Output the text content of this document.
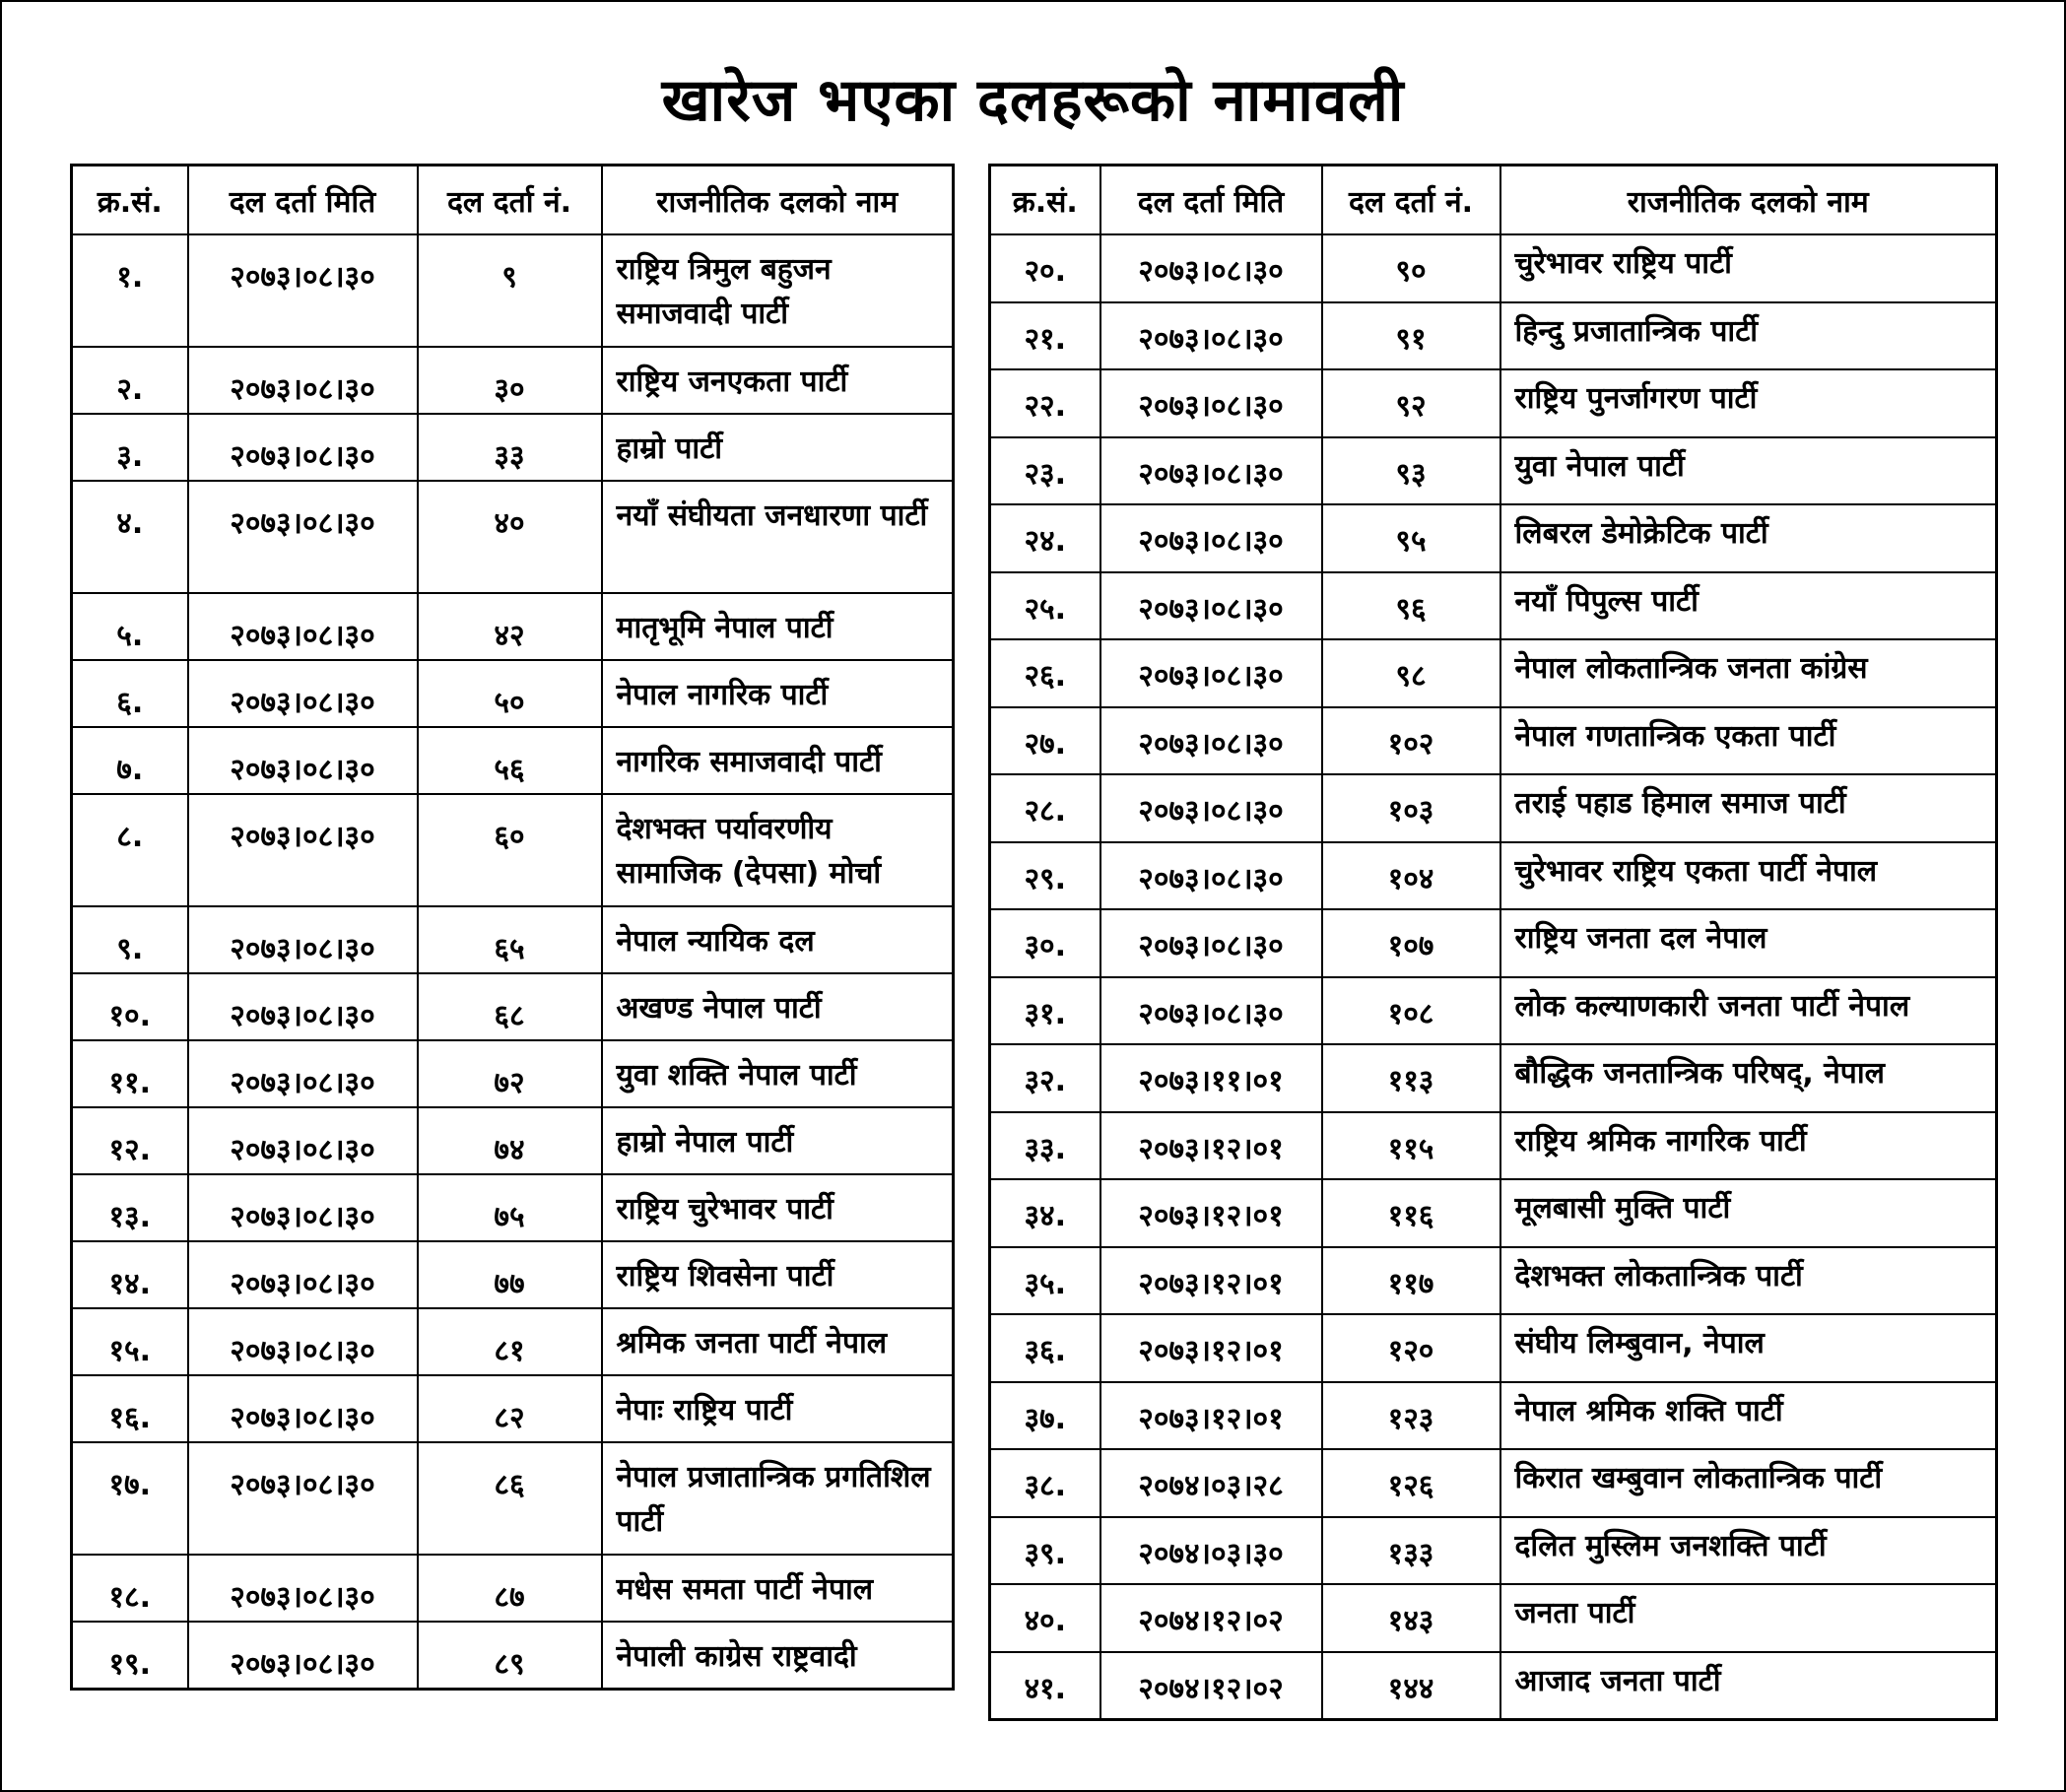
खारेज भएका दलहरूको नामावली
क्र.सं.	दल दर्ता मिति	दल दर्ता नं.	राजनीतिक दलको नाम
१.	२०७३।०८।३०	९	राष्ट्रिय त्रिमुल बहुजन समाजवादी पार्टी
२.	२०७३।०८।३०	३०	राष्ट्रिय जनएकता पार्टी
३.	२०७३।०८।३०	३३	हाम्रो पार्टी
४.	२०७३।०८।३०	४०	नयाँ संघीयता जनधारणा पार्टी
५.	२०७३।०८।३०	४२	मातृभूमि नेपाल पार्टी
६.	२०७३।०८।३०	५०	नेपाल नागरिक पार्टी
७.	२०७३।०८।३०	५६	नागरिक समाजवादी पार्टी
८.	२०७३।०८।३०	६०	देशभक्त पर्यावरणीय सामाजिक (देपसा) मोर्चा
९.	२०७३।०८।३०	६५	नेपाल न्यायिक दल
१०.	२०७३।०८।३०	६८	अखण्ड नेपाल पार्टी
११.	२०७३।०८।३०	७२	युवा शक्ति नेपाल पार्टी
१२.	२०७३।०८।३०	७४	हाम्रो नेपाल पार्टी
१३.	२०७३।०८।३०	७५	राष्ट्रिय चुरेभावर पार्टी
१४.	२०७३।०८।३०	७७	राष्ट्रिय शिवसेना पार्टी
१५.	२०७३।०८।३०	८१	श्रमिक जनता पार्टी नेपाल
१६.	२०७३।०८।३०	८२	नेपाः राष्ट्रिय पार्टी
१७.	२०७३।०८।३०	८६	नेपाल प्रजातान्त्रिक प्रगतिशिल पार्टी
१८.	२०७३।०८।३०	८७	मधेस समता पार्टी नेपाल
१९.	२०७३।०८।३०	८९	नेपाली काग्रेस राष्ट्रवादी
क्र.सं.	दल दर्ता मिति	दल दर्ता नं.	राजनीतिक दलको नाम
२०.	२०७३।०८।३०	९०	चुरेभावर राष्ट्रिय पार्टी
२१.	२०७३।०८।३०	९१	हिन्दु प्रजातान्त्रिक पार्टी
२२.	२०७३।०८।३०	९२	राष्ट्रिय पुनर्जागरण पार्टी
२३.	२०७३।०८।३०	९३	युवा नेपाल पार्टी
२४.	२०७३।०८।३०	९५	लिबरल डेमोक्रेटिक पार्टी
२५.	२०७३।०८।३०	९६	नयाँ पिपुल्स पार्टी
२६.	२०७३।०८।३०	९८	नेपाल लोकतान्त्रिक जनता कांग्रेस
२७.	२०७३।०८।३०	१०२	नेपाल गणतान्त्रिक एकता पार्टी
२८.	२०७३।०८।३०	१०३	तराई पहाड हिमाल समाज पार्टी
२९.	२०७३।०८।३०	१०४	चुरेभावर राष्ट्रिय एकता पार्टी नेपाल
३०.	२०७३।०८।३०	१०७	राष्ट्रिय जनता दल नेपाल
३१.	२०७३।०८।३०	१०८	लोक कल्याणकारी जनता पार्टी नेपाल
३२.	२०७३।११।०१	११३	बौद्धिक जनतान्त्रिक परिषद्, नेपाल
३३.	२०७३।१२।०१	११५	राष्ट्रिय श्रमिक नागरिक पार्टी
३४.	२०७३।१२।०१	११६	मूलबासी मुक्ति पार्टी
३५.	२०७३।१२।०१	११७	देशभक्त लोकतान्त्रिक पार्टी
३६.	२०७३।१२।०१	१२०	संघीय लिम्बुवान, नेपाल
३७.	२०७३।१२।०१	१२३	नेपाल श्रमिक शक्ति पार्टी
३८.	२०७४।०३।२८	१२६	किरात खम्बुवान लोकतान्त्रिक पार्टी
३९.	२०७४।०३।३०	१३३	दलित मुस्लिम जनशक्ति पार्टी
४०.	२०७४।१२।०२	१४३	जनता पार्टी
४१.	२०७४।१२।०२	१४४	आजाद जनता पार्टी
